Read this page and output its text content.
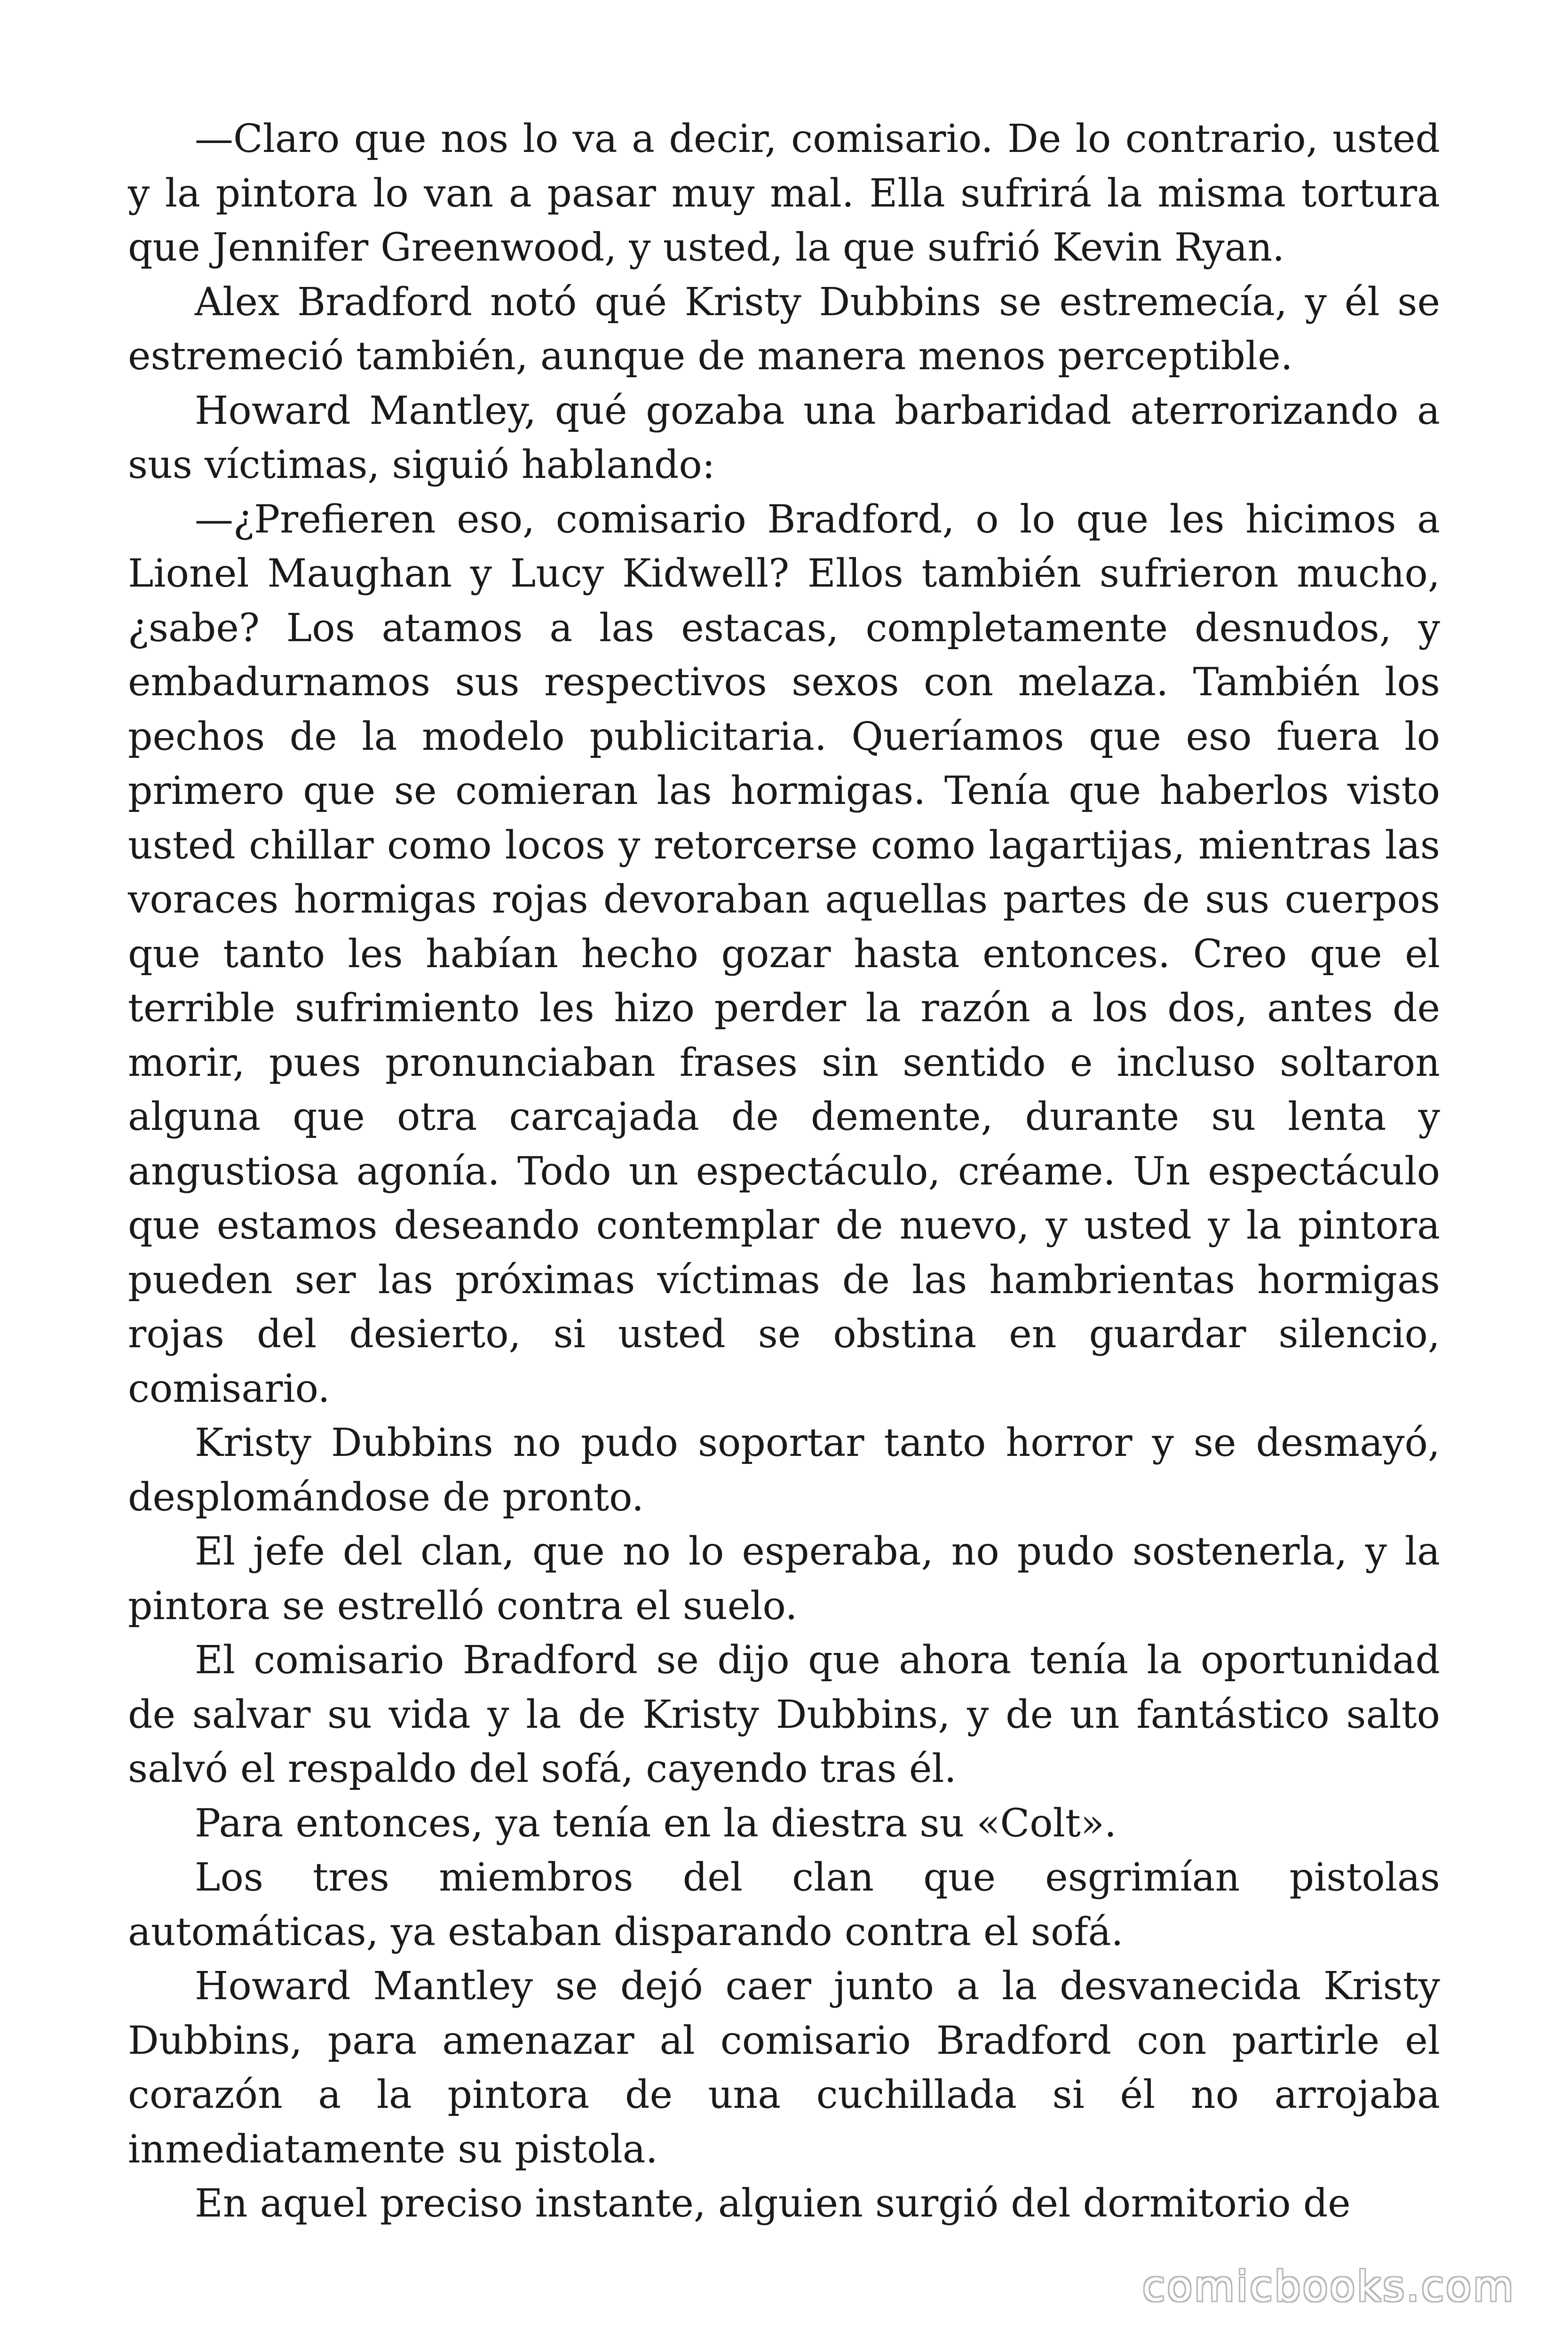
—Claro que nos lo va a decir, comisario. De lo contrario, usted y la pintora lo van a pasar muy mal. Ella sufrirá la misma tortura que Jennifer Greenwood, y usted, la que sufrió Kevin Ryan.

Alex Bradford notó qué Kristy Dubbins se estremecía, y él se estremeció también, aunque de manera menos perceptible.

Howard Mantley, qué gozaba una barbaridad aterrorizando a sus víctimas, siguió hablando:

—¿Prefieren eso, comisario Bradford, o lo que les hicimos a Lionel Maughan y Lucy Kidwell? Ellos también sufrieron mucho, ¿sabe? Los atamos a las estacas, completamente desnudos, y embadurnamos sus respectivos sexos con melaza. También los pechos de la modelo publicitaria. Queríamos que eso fuera lo primero que se comieran las hormigas. Tenía que haberlos visto usted chillar como locos y retorcerse como lagartijas, mientras las voraces hormigas rojas devoraban aquellas partes de sus cuerpos que tanto les habían hecho gozar hasta entonces. Creo que el terrible sufrimiento les hizo perder la razón a los dos, antes de morir, pues pronunciaban frases sin sentido e incluso soltaron alguna que otra carcajada de demente, durante su lenta y angustiosa agonía. Todo un espectáculo, créame. Un espectáculo que estamos deseando contemplar de nuevo, y usted y la pintora pueden ser las próximas víctimas de las hambrientas hormigas rojas del desierto, si usted se obstina en guardar silencio, comisario.

Kristy Dubbins no pudo soportar tanto horror y se desmayó, desplomándose de pronto.

El jefe del clan, que no lo esperaba, no pudo sostenerla, y la pintora se estrelló contra el suelo.

El comisario Bradford se dijo que ahora tenía la oportunidad de salvar su vida y la de Kristy Dubbins, y de un fantástico salto salvó el respaldo del sofá, cayendo tras él.

Para entonces, ya tenía en la diestra su «Colt».

Los tres miembros del clan que esgrimían pistolas automáticas, ya estaban disparando contra el sofá.

Howard Mantley se dejó caer junto a la desvanecida Kristy Dubbins, para amenazar al comisario Bradford con partirle el corazón a la pintora de una cuchillada si él no arrojaba inmediatamente su pistola.

En aquel preciso instante, alguien surgió del dormitorio de

comicbooks.com
